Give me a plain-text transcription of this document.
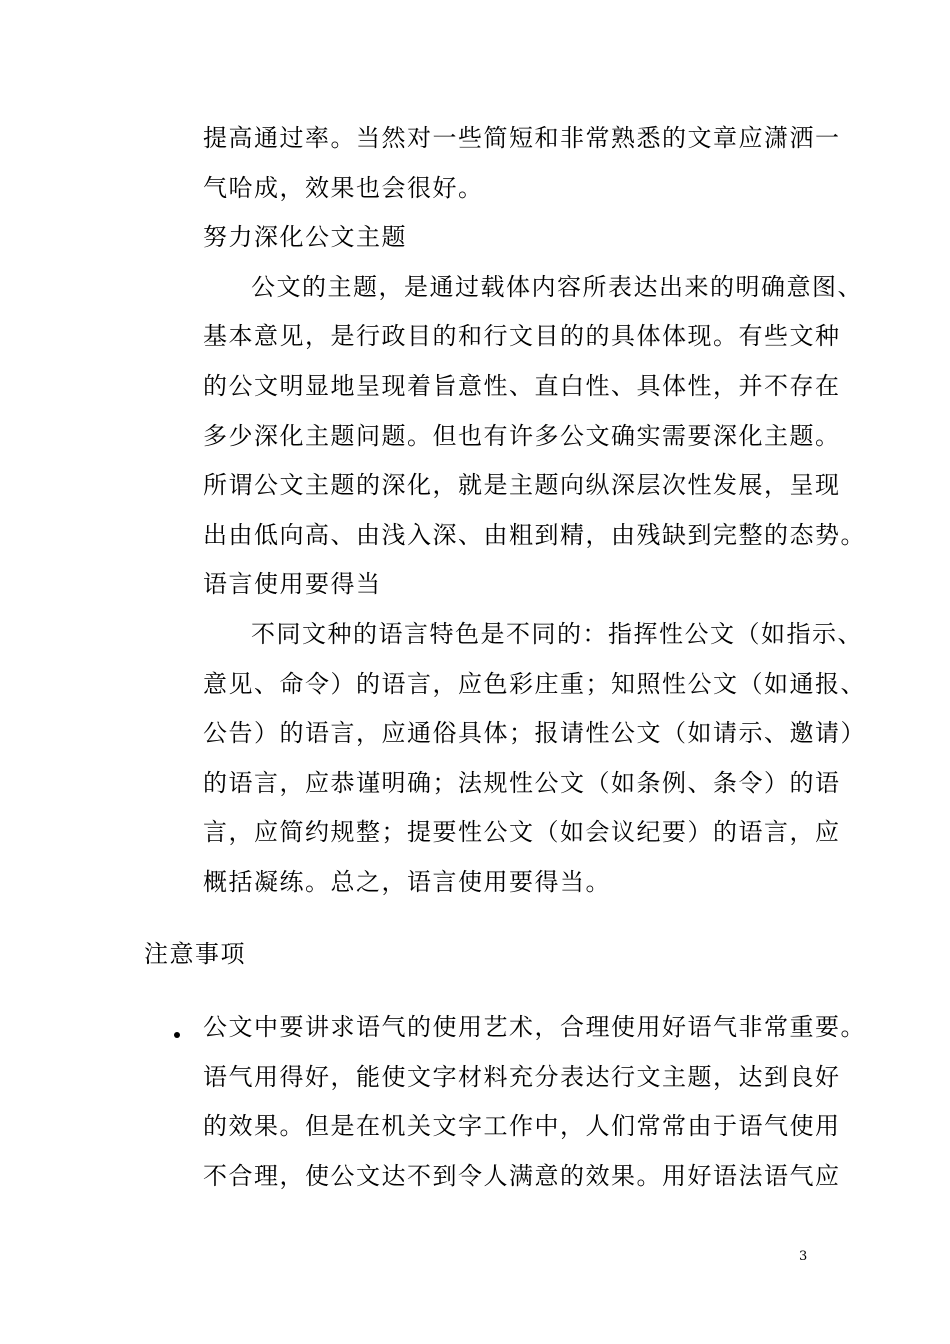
提高通过率。当然对一些简短和非常熟悉的文章应潇洒一
气哈成，效果也会很好。
努力深化公文主题
公文的主题，是通过载体内容所表达出来的明确意图、
基本意见，是行政目的和行文目的的具体体现。有些文种
的公文明显地呈现着旨意性、直白性、具体性，并不存在
多少深化主题问题。但也有许多公文确实需要深化主题。
所谓公文主题的深化，就是主题向纵深层次性发展，呈现
出由低向高、由浅入深、由粗到精，由残缺到完整的态势。
语言使用要得当
不同文种的语言特色是不同的：指挥性公文（如指示、
意见、命令）的语言，应色彩庄重；知照性公文（如通报、
公告）的语言，应通俗具体；报请性公文（如请示、邀请）
的语言，应恭谨明确；法规性公文（如条例、条令）的语
言，应简约规整；提要性公文（如会议纪要）的语言，应
概括凝练。总之，语言使用要得当。
注意事项
公文中要讲求语气的使用艺术，合理使用好语气非常重要。
语气用得好，能使文字材料充分表达行文主题，达到良好
的效果。但是在机关文字工作中，人们常常由于语气使用
不合理，使公文达不到令人满意的效果。用好语法语气应
3
